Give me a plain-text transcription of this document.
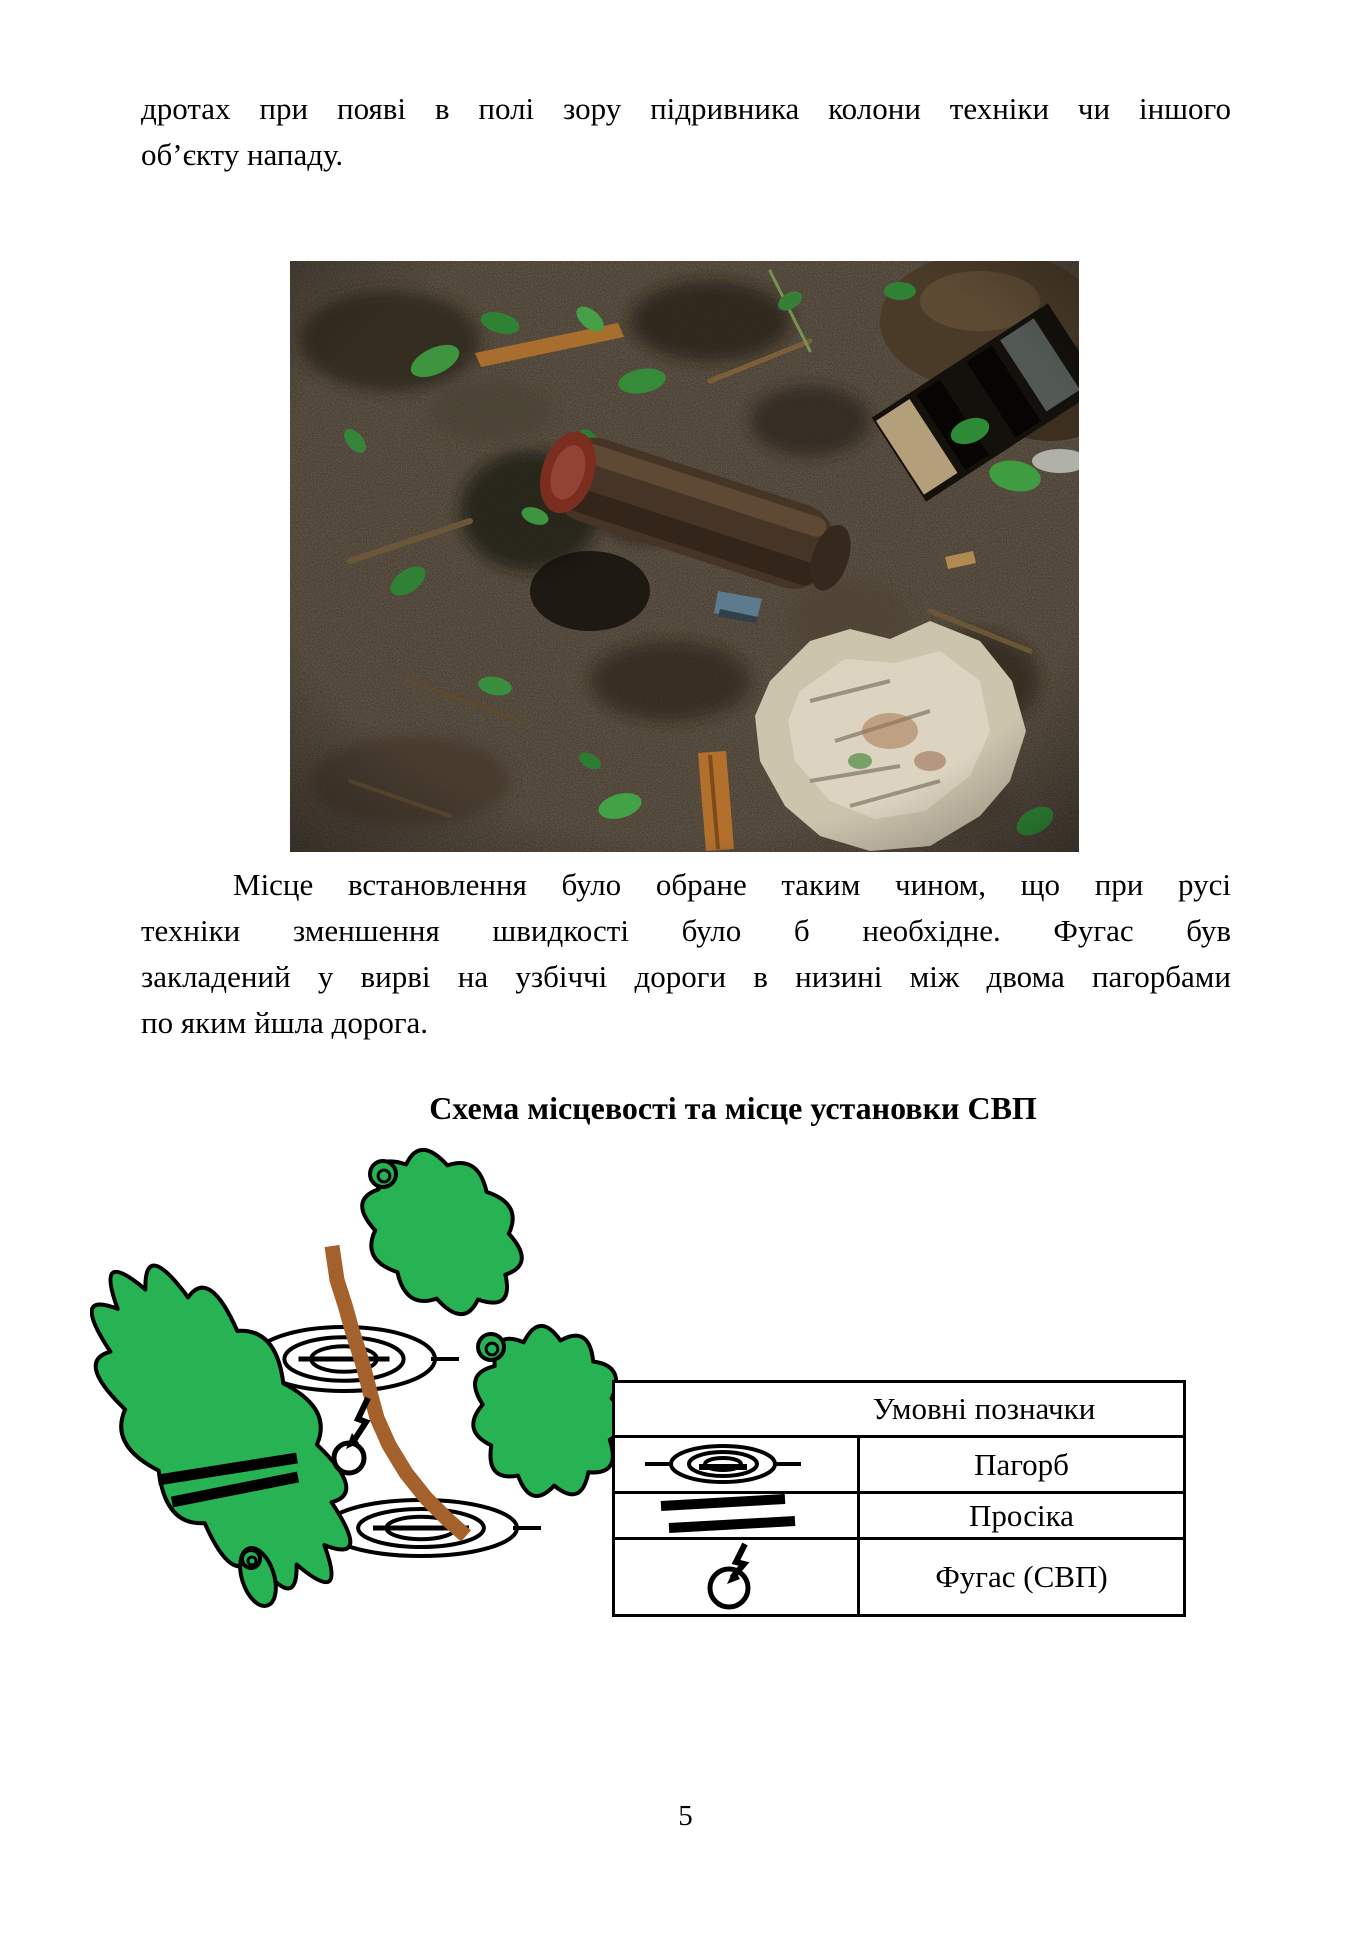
дротах при появі в полі зору підривника колони техніки чи іншого
об’єкту нападу.
Місце встановлення було обране таким чином, що при русі
техніки зменшення швидкості було б необхідне. Фугас був
закладений у вирві на узбіччі дороги в низині між двома пагорбами
по яким йшла дорога.
Схема місцевості та місце установки СВП
Умовні позначки	

	Пагорб

	Просіка

	Фугас (СВП)
5
